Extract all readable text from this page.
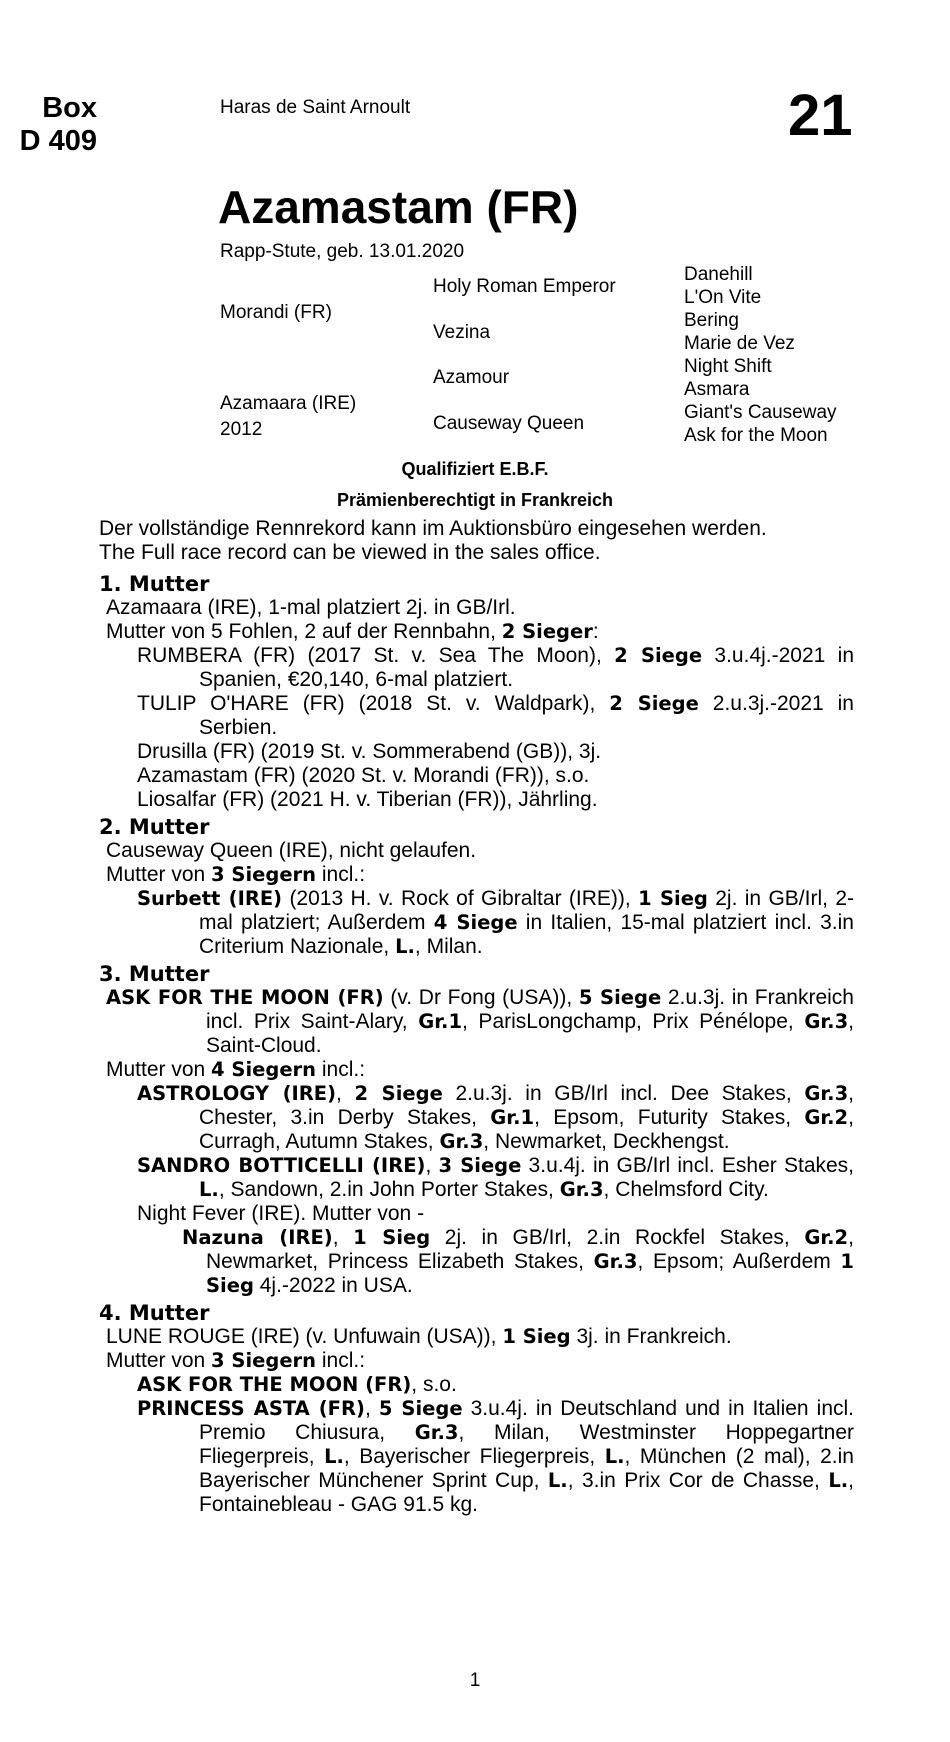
Box
D 409
Haras de Saint Arnoult	21
Azamastam (FR)
Rapp-Stute, geb. 13.01.2020
Morandi (FR)
Azamaara (IRE)
2012
Holy Roman Emperor
Vezina
Azamour
Causeway Queen
Danehill
L'On Vite
Bering
Marie de Vez
Night Shift
Asmara
Giant's Causeway
Ask for the Moon
Qualifiziert E.B.F.
Prämienberechtigt in Frankreich
Der vollständige Rennrekord kann im Auktionsbüro eingesehen werden.
The Full race record can be viewed in the sales office.
1. Mutter
Azamaara (IRE), 1-mal platziert 2j. in GB/Irl.
Mutter von 5 Fohlen, 2 auf der Rennbahn, 2 Sieger:
RUMBERA (FR) (2017 St. v. Sea The Moon), 2 Siege 3.u.4j.-2021 in Spanien, €20,140, 6-mal platziert.
TULIP O'HARE (FR) (2018 St. v. Waldpark), 2 Siege 2.u.3j.-2021 in Serbien.
Drusilla (FR) (2019 St. v. Sommerabend (GB)), 3j.
Azamastam (FR) (2020 St. v. Morandi (FR)), s.o.
Liosalfar (FR) (2021 H. v. Tiberian (FR)), Jährling.
2. Mutter
Causeway Queen (IRE), nicht gelaufen.
Mutter von 3 Siegern incl.:
Surbett (IRE) (2013 H. v. Rock of Gibraltar (IRE)), 1 Sieg 2j. in GB/Irl, 2-mal platziert; Außerdem 4 Siege in Italien, 15-mal platziert incl. 3.in Criterium Nazionale, L., Milan.
3. Mutter
ASK FOR THE MOON (FR) (v. Dr Fong (USA)), 5 Siege 2.u.3j. in Frankreich incl. Prix Saint-Alary, Gr.1, ParisLongchamp, Prix Pénélope, Gr.3, Saint-Cloud.
Mutter von 4 Siegern incl.:
ASTROLOGY (IRE), 2 Siege 2.u.3j. in GB/Irl incl. Dee Stakes, Gr.3, Chester, 3.in Derby Stakes, Gr.1, Epsom, Futurity Stakes, Gr.2, Curragh, Autumn Stakes, Gr.3, Newmarket, Deckhengst.
SANDRO BOTTICELLI (IRE), 3 Siege 3.u.4j. in GB/Irl incl. Esher Stakes, L., Sandown, 2.in John Porter Stakes, Gr.3, Chelmsford City.
Night Fever (IRE). Mutter von -
Nazuna (IRE), 1 Sieg 2j. in GB/Irl, 2.in Rockfel Stakes, Gr.2, Newmarket, Princess Elizabeth Stakes, Gr.3, Epsom; Außerdem 1 Sieg 4j.-2022 in USA.
4. Mutter
LUNE ROUGE (IRE) (v. Unfuwain (USA)), 1 Sieg 3j. in Frankreich.
Mutter von 3 Siegern incl.:
ASK FOR THE MOON (FR), s.o.
PRINCESS ASTA (FR), 5 Siege 3.u.4j. in Deutschland und in Italien incl. Premio Chiusura, Gr.3, Milan, Westminster Hoppegartner Fliegerpreis, L., Bayerischer Fliegerpreis, L., München (2 mal), 2.in Bayerischer Münchener Sprint Cup, L., 3.in Prix Cor de Chasse, L., Fontainebleau - GAG 91.5 kg.
1
